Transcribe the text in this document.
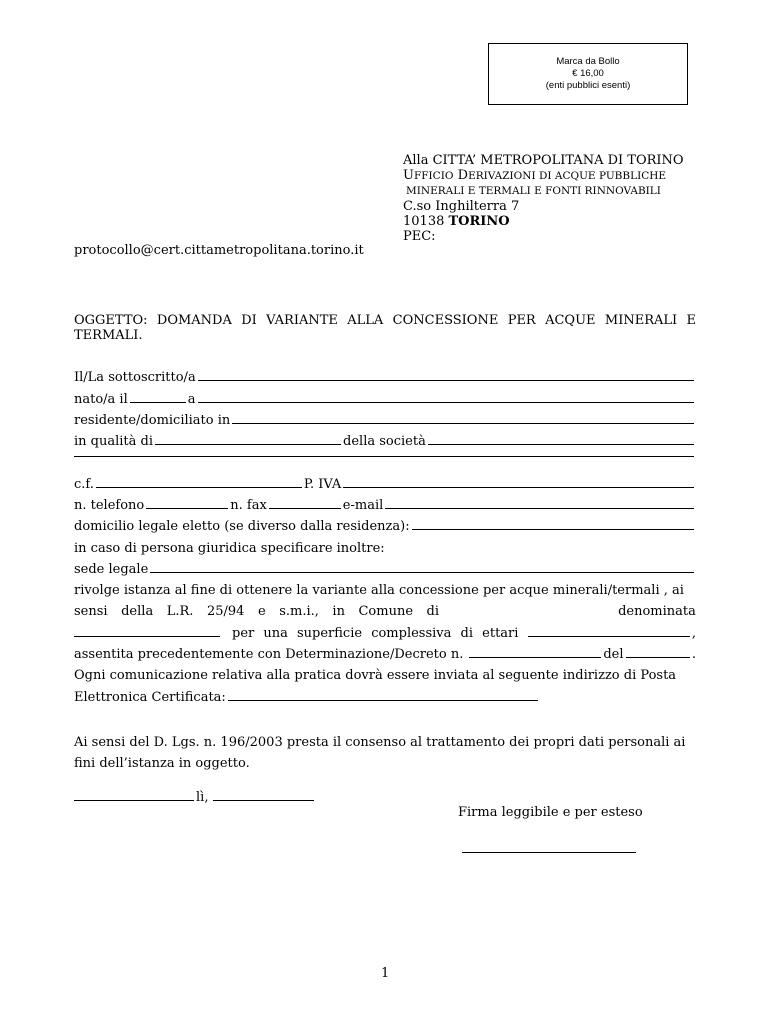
Marca da Bollo
€ 16,00
(enti pubblici esenti)
Alla CITTA’ METROPOLITANA DI TORINO
UFFICIO DERIVAZIONI DI ACQUE PUBBLICHE
MINERALI E TERMALI E FONTI RINNOVABILI
C.so Inghilterra 7
10138 TORINO
PEC:
protocollo@cert.cittametropolitana.torino.it
OGGETTO: DOMANDA DI VARIANTE ALLA CONCESSIONE PER ACQUE MINERALI E TERMALI.
Il/La sottoscritto/a
nato/a il	a
residente/domiciliato in
in qualità di	della società
c.f.	P. IVA
n. telefono	n. fax	e-mail
domicilio legale eletto (se diverso dalla residenza):
in caso di persona giuridica specificare inoltre:
sede legale
rivolge istanza al fine di ottenere la variante alla concessione per acque minerali/termali , ai
sensi della L.R. 25/94 e s.m.i., in Comune di	denominata
per una superficie complessiva di ettari	,
assentita precedentemente con Determinazione/Decreto n.	del	.
Ogni comunicazione relativa alla pratica dovrà essere inviata al seguente indirizzo di Posta
Elettronica Certificata:
Ai sensi del D. Lgs. n. 196/2003 presta il consenso al trattamento dei propri dati personali ai
fini dell’istanza in oggetto.
lì,
Firma leggibile e per esteso
1
